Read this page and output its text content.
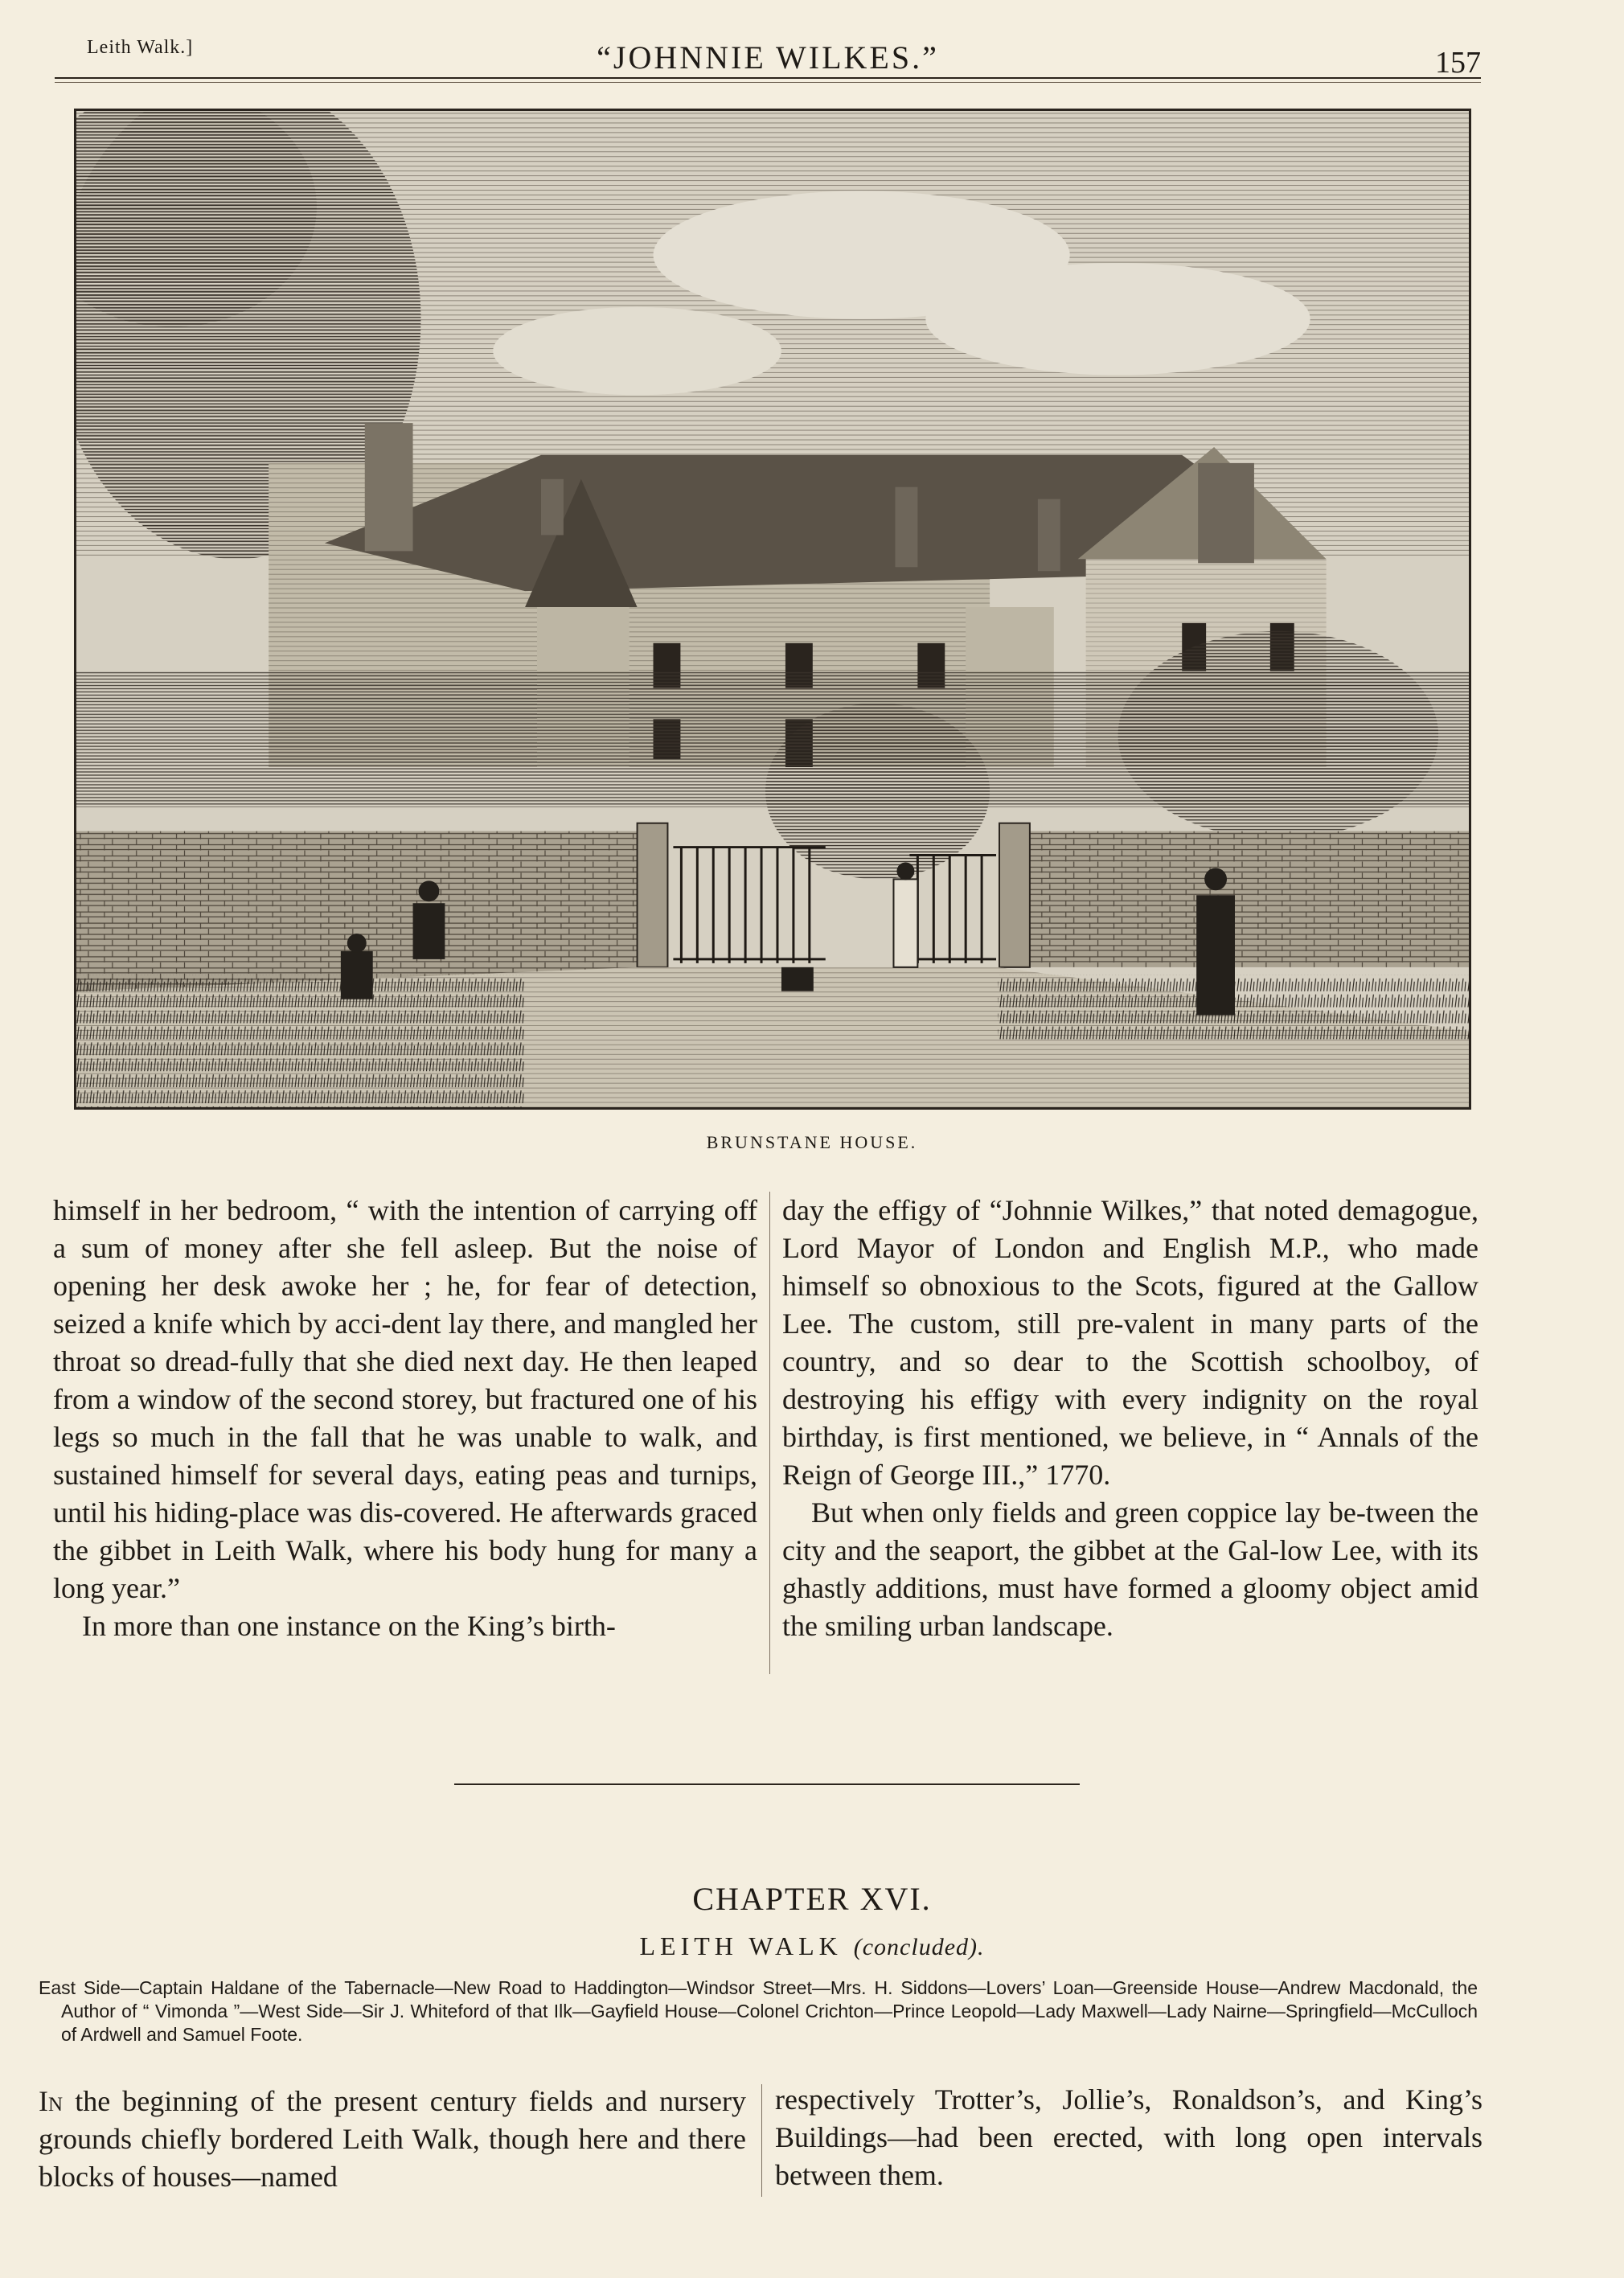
Leith Walk.]	“JOHNNIE WILKES.”	157
BRUNSTANE HOUSE.

himself in her bedroom, “ with the intention of carrying off a sum of money after she fell asleep. But the noise of opening her desk awoke her ; he, for fear of detection, seized a knife which by acci-dent lay there, and mangled her throat so dread-fully that she died next day. He then leaped from a window of the second storey, but fractured one of his legs so much in the fall that he was unable to walk, and sustained himself for several days, eating peas and turnips, until his hiding-place was dis-covered. He afterwards graced the gibbet in Leith Walk, where his body hung for many a long year.”

In more than one instance on the King’s birth-

day the effigy of “Johnnie Wilkes,” that noted demagogue, Lord Mayor of London and English M.P., who made himself so obnoxious to the Scots, figured at the Gallow Lee. The custom, still pre-valent in many parts of the country, and so dear to the Scottish schoolboy, of destroying his effigy with every indignity on the royal birthday, is first mentioned, we believe, in “ Annals of the Reign of George III.,” 1770.

But when only fields and green coppice lay be-tween the city and the seaport, the gibbet at the Gal-low Lee, with its ghastly additions, must have formed a gloomy object amid the smiling urban landscape.

CHAPTER XVI.
LEITH WALK (concluded).
East Side—Captain Haldane of the Tabernacle—New Road to Haddington—Windsor Street—Mrs. H. Siddons—Lovers’ Loan—Greenside House—Andrew Macdonald, the Author of “ Vimonda ”—West Side—Sir J. Whiteford of that Ilk—Gayfield House—Colonel Crichton—Prince Leopold—Lady Maxwell—Lady Nairne—Springfield—McCulloch of Ardwell and Samuel Foote.

In the beginning of the present century fields and nursery grounds chiefly bordered Leith Walk, though here and there blocks of houses—named

respectively Trotter’s, Jollie’s, Ronaldson’s, and King’s Buildings—had been erected, with long open intervals between them.
